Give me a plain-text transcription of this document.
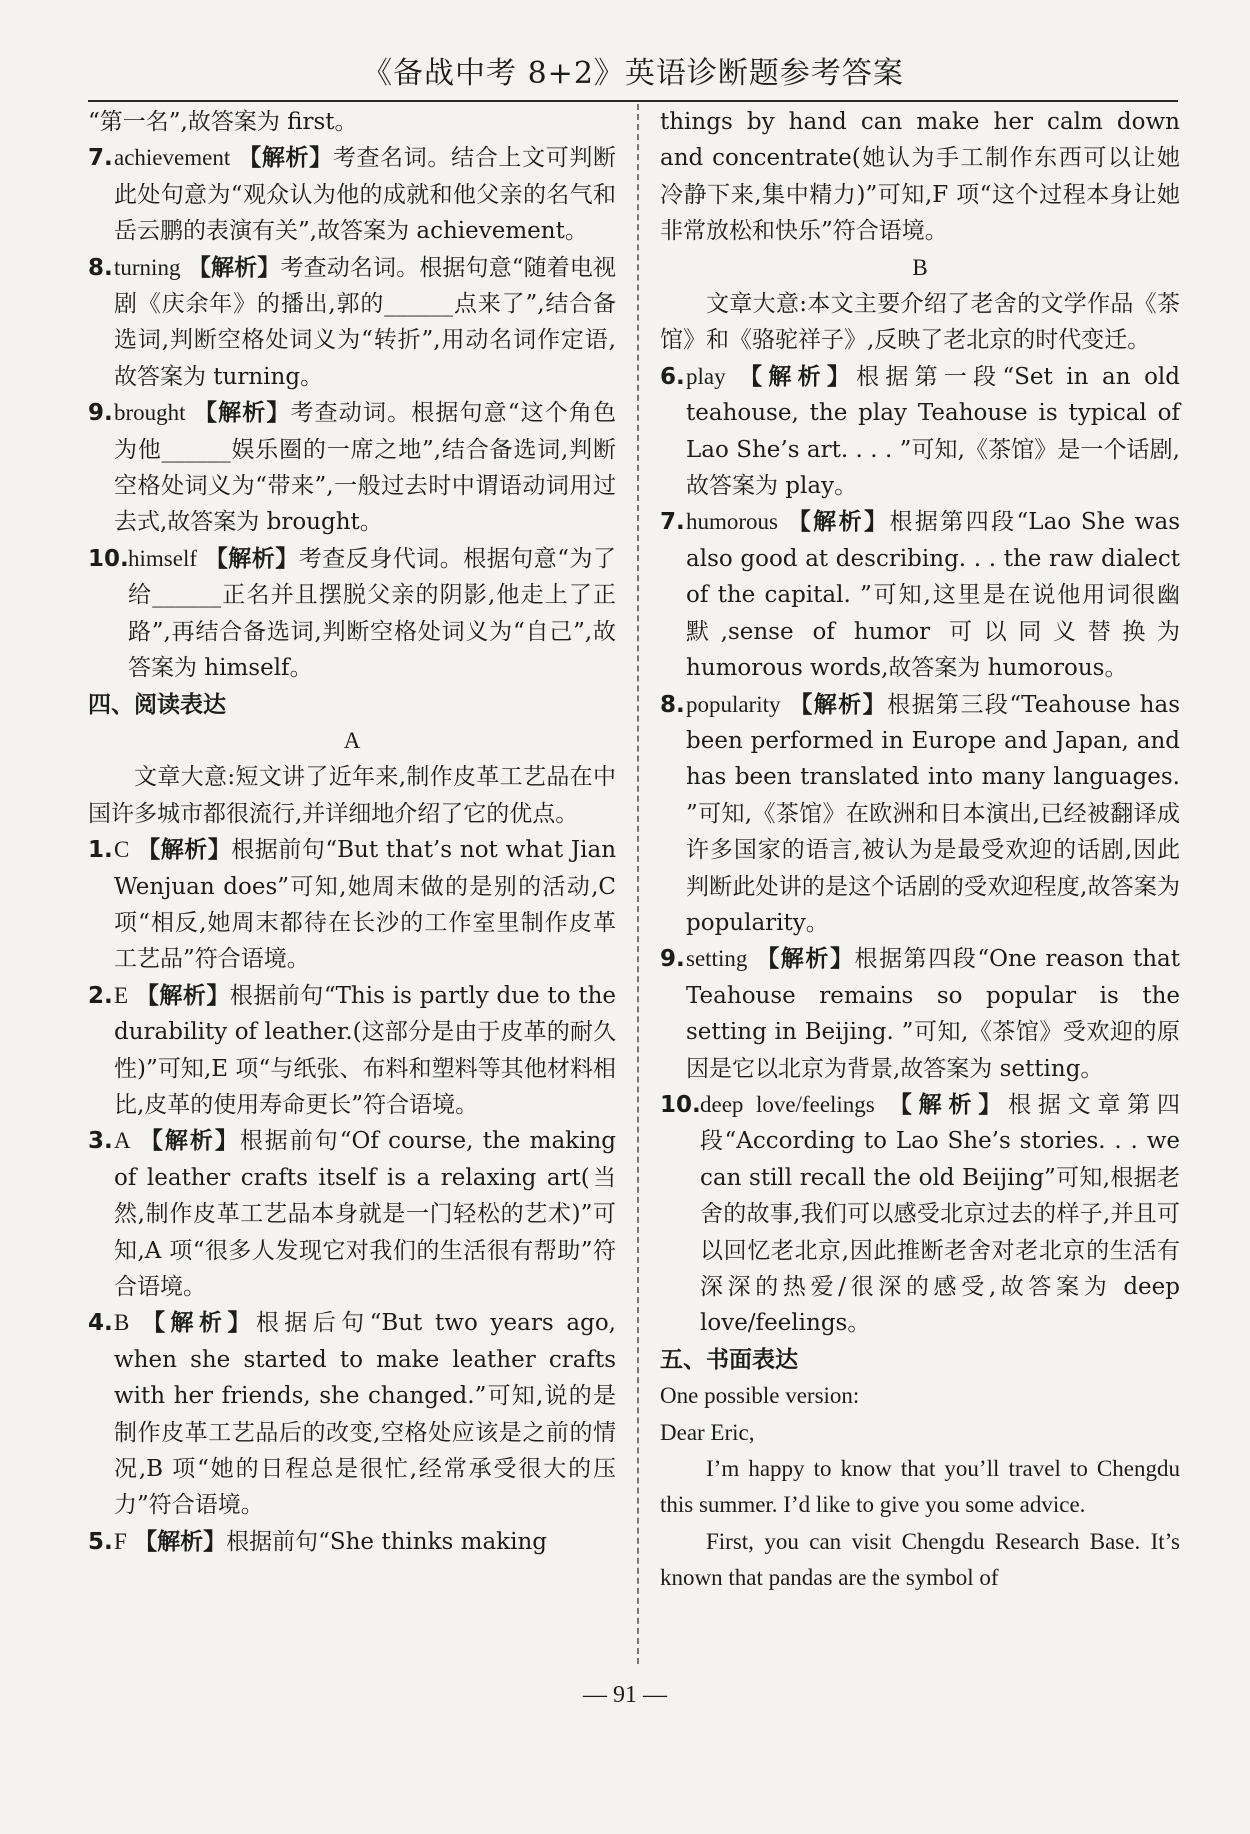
《备战中考 8+2》英语诊断题参考答案

“第一名”,故答案为 first。

7. achievement 【解析】考查名词。结合上文可判断此处句意为“观众认为他的成就和他父亲的名气和岳云鹏的表演有关”,故答案为 achievement。

8. turning 【解析】考查动名词。根据句意“随着电视剧《庆余年》的播出,郭的______点来了”,结合备选词,判断空格处词义为“转折”,用动名词作定语,故答案为 turning。

9. brought 【解析】考查动词。根据句意“这个角色为他______娱乐圈的一席之地”,结合备选词,判断空格处词义为“带来”,一般过去时中谓语动词用过去式,故答案为 brought。

10. himself 【解析】考查反身代词。根据句意“为了给______正名并且摆脱父亲的阴影,他走上了正路”,再结合备选词,判断空格处词义为“自己”,故答案为 himself。

四、阅读表达

A

文章大意:短文讲了近年来,制作皮革工艺品在中国许多城市都很流行,并详细地介绍了它的优点。

1. C 【解析】根据前句“But that’s not what Jian Wenjuan does”可知,她周末做的是别的活动,C 项“相反,她周末都待在长沙的工作室里制作皮革工艺品”符合语境。

2. E 【解析】根据前句“This is partly due to the durability of leather.(这部分是由于皮革的耐久性)”可知,E 项“与纸张、布料和塑料等其他材料相比,皮革的使用寿命更长”符合语境。

3. A 【解析】根据前句“Of course, the making of leather crafts itself is a relaxing art(当然,制作皮革工艺品本身就是一门轻松的艺术)”可知,A 项“很多人发现它对我们的生活很有帮助”符合语境。

4. B 【解析】根据后句“But two years ago, when she started to make leather crafts with her friends, she changed.”可知,说的是制作皮革工艺品后的改变,空格处应该是之前的情况,B 项“她的日程总是很忙,经常承受很大的压力”符合语境。

5. F 【解析】根据前句“She thinks making

things by hand can make her calm down and concentrate(她认为手工制作东西可以让她冷静下来,集中精力)”可知,F 项“这个过程本身让她非常放松和快乐”符合语境。

B

文章大意:本文主要介绍了老舍的文学作品《茶馆》和《骆驼祥子》,反映了老北京的时代变迁。

6. play 【解析】根据第一段“Set in an old teahouse, the play Teahouse is typical of Lao She’s art. . . . ”可知,《茶馆》是一个话剧,故答案为 play。

7. humorous 【解析】根据第四段“Lao She was also good at describing. . . the raw dialect of the capital. ”可知,这里是在说他用词很幽默,sense of humor 可以同义替换为 humorous words,故答案为 humorous。

8. popularity 【解析】根据第三段“Teahouse has been performed in Europe and Japan, and has been translated into many languages. ”可知,《茶馆》在欧洲和日本演出,已经被翻译成许多国家的语言,被认为是最受欢迎的话剧,因此判断此处讲的是这个话剧的受欢迎程度,故答案为 popularity。

9. setting 【解析】根据第四段“One reason that Teahouse remains so popular is the setting in Beijing. ”可知,《茶馆》受欢迎的原因是它以北京为背景,故答案为 setting。

10. deep love/feelings 【解析】根据文章第四段“According to Lao She’s stories. . . we can still recall the old Beijing”可知,根据老舍的故事,我们可以感受北京过去的样子,并且可以回忆老北京,因此推断老舍对老北京的生活有深深的热爱/很深的感受,故答案为 deep love/feelings。

五、书面表达

One possible version:

Dear Eric,

I’m happy to know that you’ll travel to Chengdu this summer. I’d like to give you some advice.

First, you can visit Chengdu Research Base. It’s known that pandas are the symbol of

— 91 —
